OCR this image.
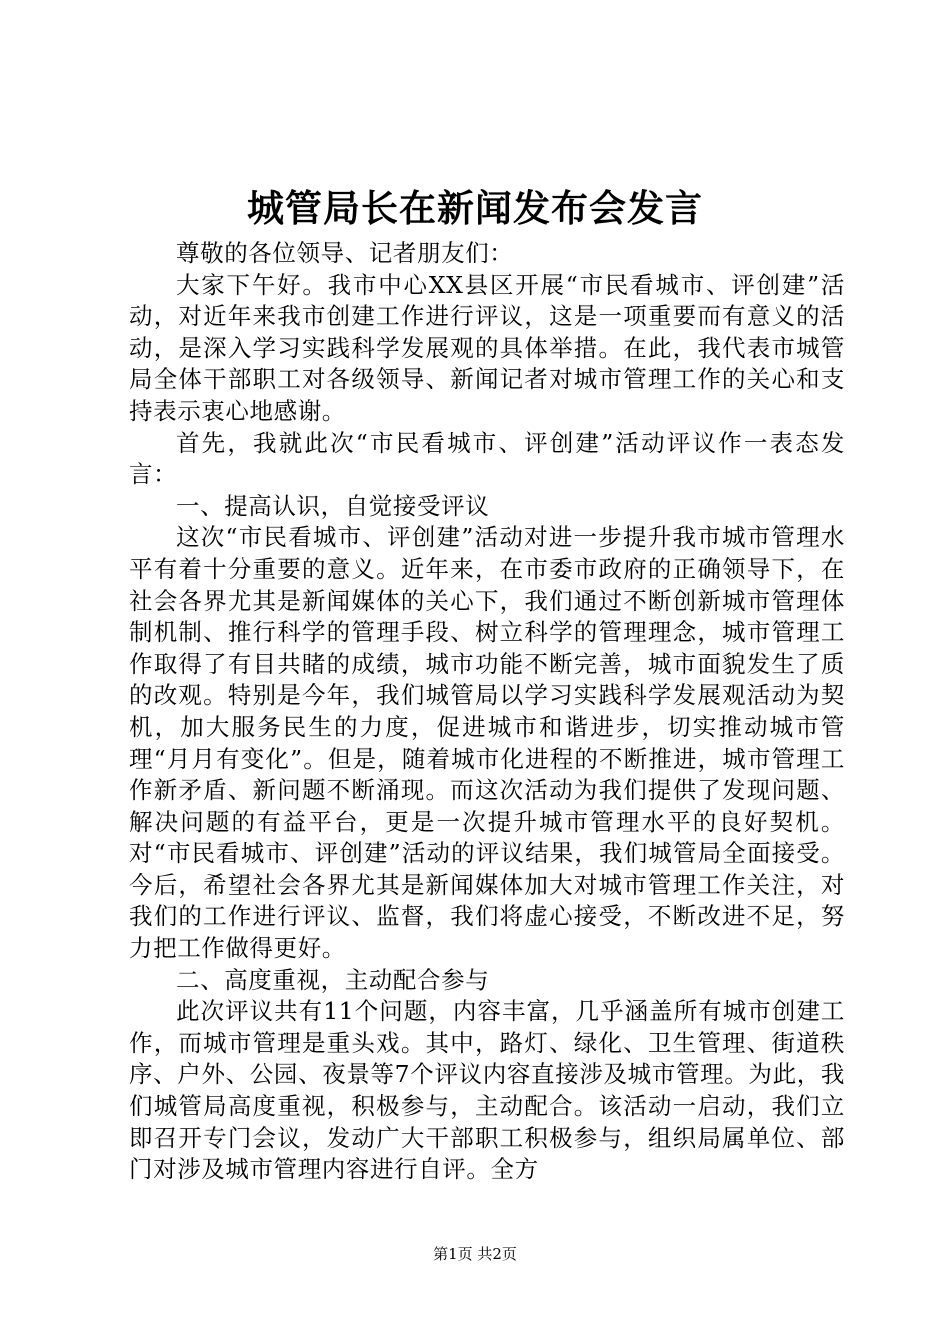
城管局长在新闻发布会发言

尊敬的各位领导、记者朋友们：

大家下午好。我市中心XX县区开展“市民看城市、评创建”活动，对近年来我市创建工作进行评议，这是一项重要而有意义的活动，是深入学习实践科学发展观的具体举措。在此，我代表市城管局全体干部职工对各级领导、新闻记者对城市管理工作的关心和支持表示衷心地感谢。

首先，我就此次“市民看城市、评创建”活动评议作一表态发言：

一、提高认识，自觉接受评议

这次“市民看城市、评创建”活动对进一步提升我市城市管理水平有着十分重要的意义。近年来，在市委市政府的正确领导下，在社会各界尤其是新闻媒体的关心下，我们通过不断创新城市管理体制机制、推行科学的管理手段、树立科学的管理理念，城市管理工作取得了有目共睹的成绩，城市功能不断完善，城市面貌发生了质的改观。特别是今年，我们城管局以学习实践科学发展观活动为契机，加大服务民生的力度，促进城市和谐进步，切实推动城市管理“月月有变化”。但是，随着城市化进程的不断推进，城市管理工作新矛盾、新问题不断涌现。而这次活动为我们提供了发现问题、解决问题的有益平台，更是一次提升城市管理水平的良好契机。对“市民看城市、评创建”活动的评议结果，我们城管局全面接受。今后，希望社会各界尤其是新闻媒体加大对城市管理工作关注，对我们的工作进行评议、监督，我们将虚心接受，不断改进不足，努力把工作做得更好。

二、高度重视，主动配合参与

此次评议共有11个问题，内容丰富，几乎涵盖所有城市创建工作，而城市管理是重头戏。其中，路灯、绿化、卫生管理、街道秩序、户外、公园、夜景等7个评议内容直接涉及城市管理。为此，我们城管局高度重视，积极参与，主动配合。该活动一启动，我们立即召开专门会议，发动广大干部职工积极参与，组织局属单位、部门对涉及城市管理内容进行自评。全方

第1页 共2页
